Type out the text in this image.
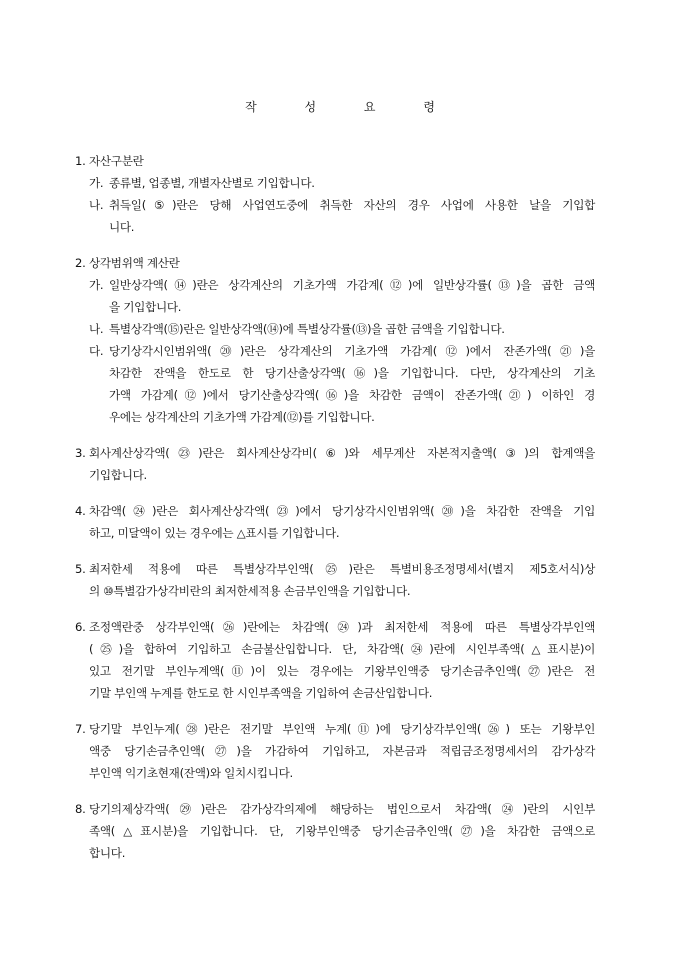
작 성 요 령
1. 자산구분란
가. 종류별, 업종별, 개별자산별로 기입합니다.
나. 취득일(⑤)란은 당해 사업연도중에 취득한 자산의 경우 사업에 사용한 날을 기입합
니다.
2. 상각범위액 계산란
가. 일반상각액(⑭)란은 상각계산의 기초가액 가감계(⑫)에 일반상각률(⑬)을 곱한 금액
을 기입합니다.
나. 특별상각액(⑮)란은 일반상각액(⑭)에 특별상각률(⑬)을 곱한 금액을 기입합니다.
다. 당기상각시인범위액(⑳)란은 상각계산의 기초가액 가감계(⑫)에서 잔존가액(㉑)을
차감한 잔액을 한도로 한 당기산출상각액(⑯)을 기입합니다. 다만, 상각계산의 기초
가액 가감계(⑫)에서 당기산출상각액(⑯)을 차감한 금액이 잔존가액(㉑) 이하인 경
우에는 상각계산의 기초가액 가감계(⑫)를 기입합니다.
3. 회사계산상각액(㉓)란은 회사계산상각비(⑥)와 세무계산 자본적지출액(③)의 합계액을
기입합니다.
4. 차감액(㉔)란은 회사계산상각액(㉓)에서 당기상각시인범위액(⑳)을 차감한 잔액을 기입
하고, 미달액이 있는 경우에는 △표시를 기입합니다.
5. 최저한세 적용에 따른 특별상각부인액(㉕)란은 특별비용조정명세서(별지 제5호서식)상
의 ⑩특별감가상각비란의 최저한세적용 손금부인액을 기입합니다.
6. 조정액란중 상각부인액(㉖)란에는 차감액(㉔)과 최저한세 적용에 따른 특별상각부인액
(㉕)을 합하여 기입하고 손금불산입합니다. 단, 차감액(㉔)란에 시인부족액(△표시분)이
있고 전기말 부인누계액(⑪)이 있는 경우에는 기왕부인액중 당기손금추인액(㉗)란은 전
기말 부인액 누계를 한도로 한 시인부족액을 기입하여 손금산입합니다.
7. 당기말 부인누계(㉘)란은 전기말 부인액 누계(⑪)에 당기상각부인액(㉖) 또는 기왕부인
액중 당기손금추인액(㉗)을 가감하여 기입하고, 자본금과 적립금조정명세서의 감가상각
부인액 익기초현재(잔액)와 일치시킵니다.
8. 당기의제상각액(㉙)란은 감가상각의제에 해당하는 법인으로서 차감액(㉔)란의 시인부
족액(△표시분)을 기입합니다. 단, 기왕부인액중 당기손금추인액(㉗)을 차감한 금액으로
합니다.
